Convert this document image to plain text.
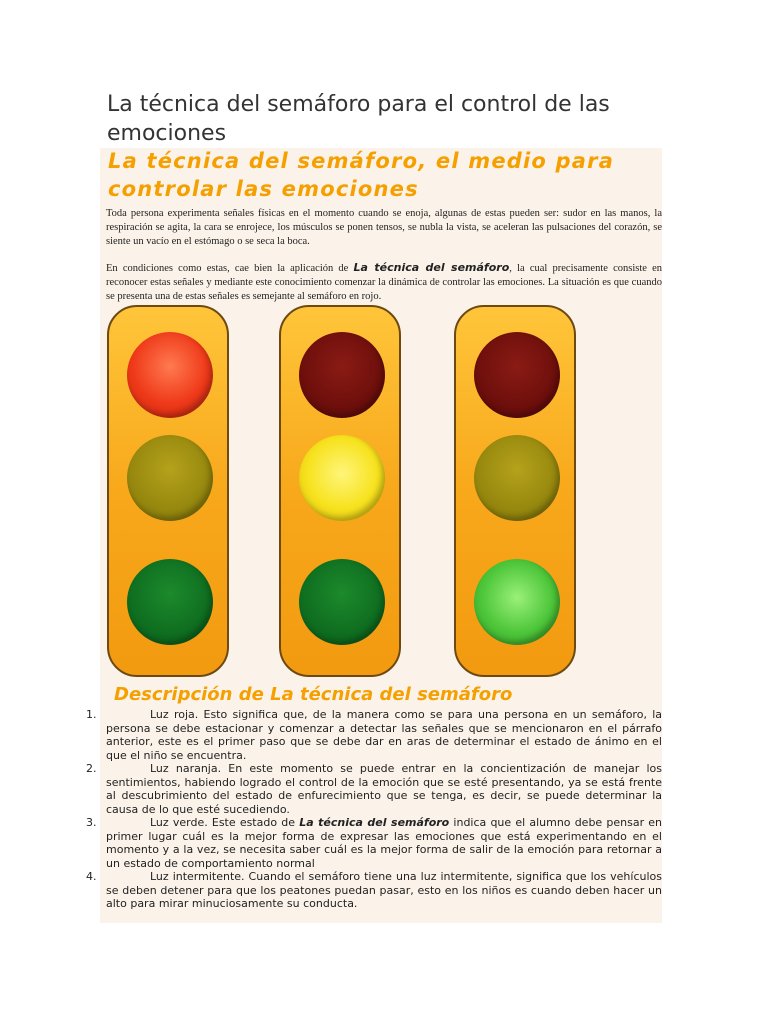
La técnica del semáforo para el control de las emociones
La técnica del semáforo, el medio para controlar las emociones

Toda persona experimenta señales físicas en el momento cuando se enoja, algunas de estas pueden ser: sudor en las manos, la respiración se agita, la cara se enrojece, los músculos se ponen tensos, se nubla la vista, se aceleran las pulsaciones del corazón, se siente un vacío en el estómago o se seca la boca.

En condiciones como estas, cae bien la aplicación de La técnica del semáforo, la cual precisamente consiste en reconocer estas señales y mediante este conocimiento comenzar la dinámica de controlar las emociones. La situación es que cuando se presenta una de estas señales es semejante al semáforo en rojo.

Descripción de La técnica del semáforo
1.	Luz roja. Esto significa que, de la manera como se para una persona en un semáforo, la persona se debe estacionar y comenzar a detectar las señales que se mencionaron en el párrafo anterior, este es el primer paso que se debe dar en aras de determinar el estado de ánimo en el que el niño se encuentra.

2.	Luz naranja. En este momento se puede entrar en la concientización de manejar los sentimientos, habiendo logrado el control de la emoción que se esté presentando, ya se está frente al descubrimiento del estado de enfurecimiento que se tenga, es decir, se puede determinar la causa de lo que esté sucediendo.

3.	Luz verde. Este estado de La técnica del semáforo indica que el alumno debe pensar en primer lugar cuál es la mejor forma de expresar las emociones que está experimentando en el momento y a la vez, se necesita saber cuál es la mejor forma de salir de la emoción para retornar a un estado de comportamiento normal

4.	Luz intermitente. Cuando el semáforo tiene una luz intermitente, significa que los vehículos se deben detener para que los peatones puedan pasar, esto en los niños es cuando deben hacer un alto para mirar minuciosamente su conducta.
